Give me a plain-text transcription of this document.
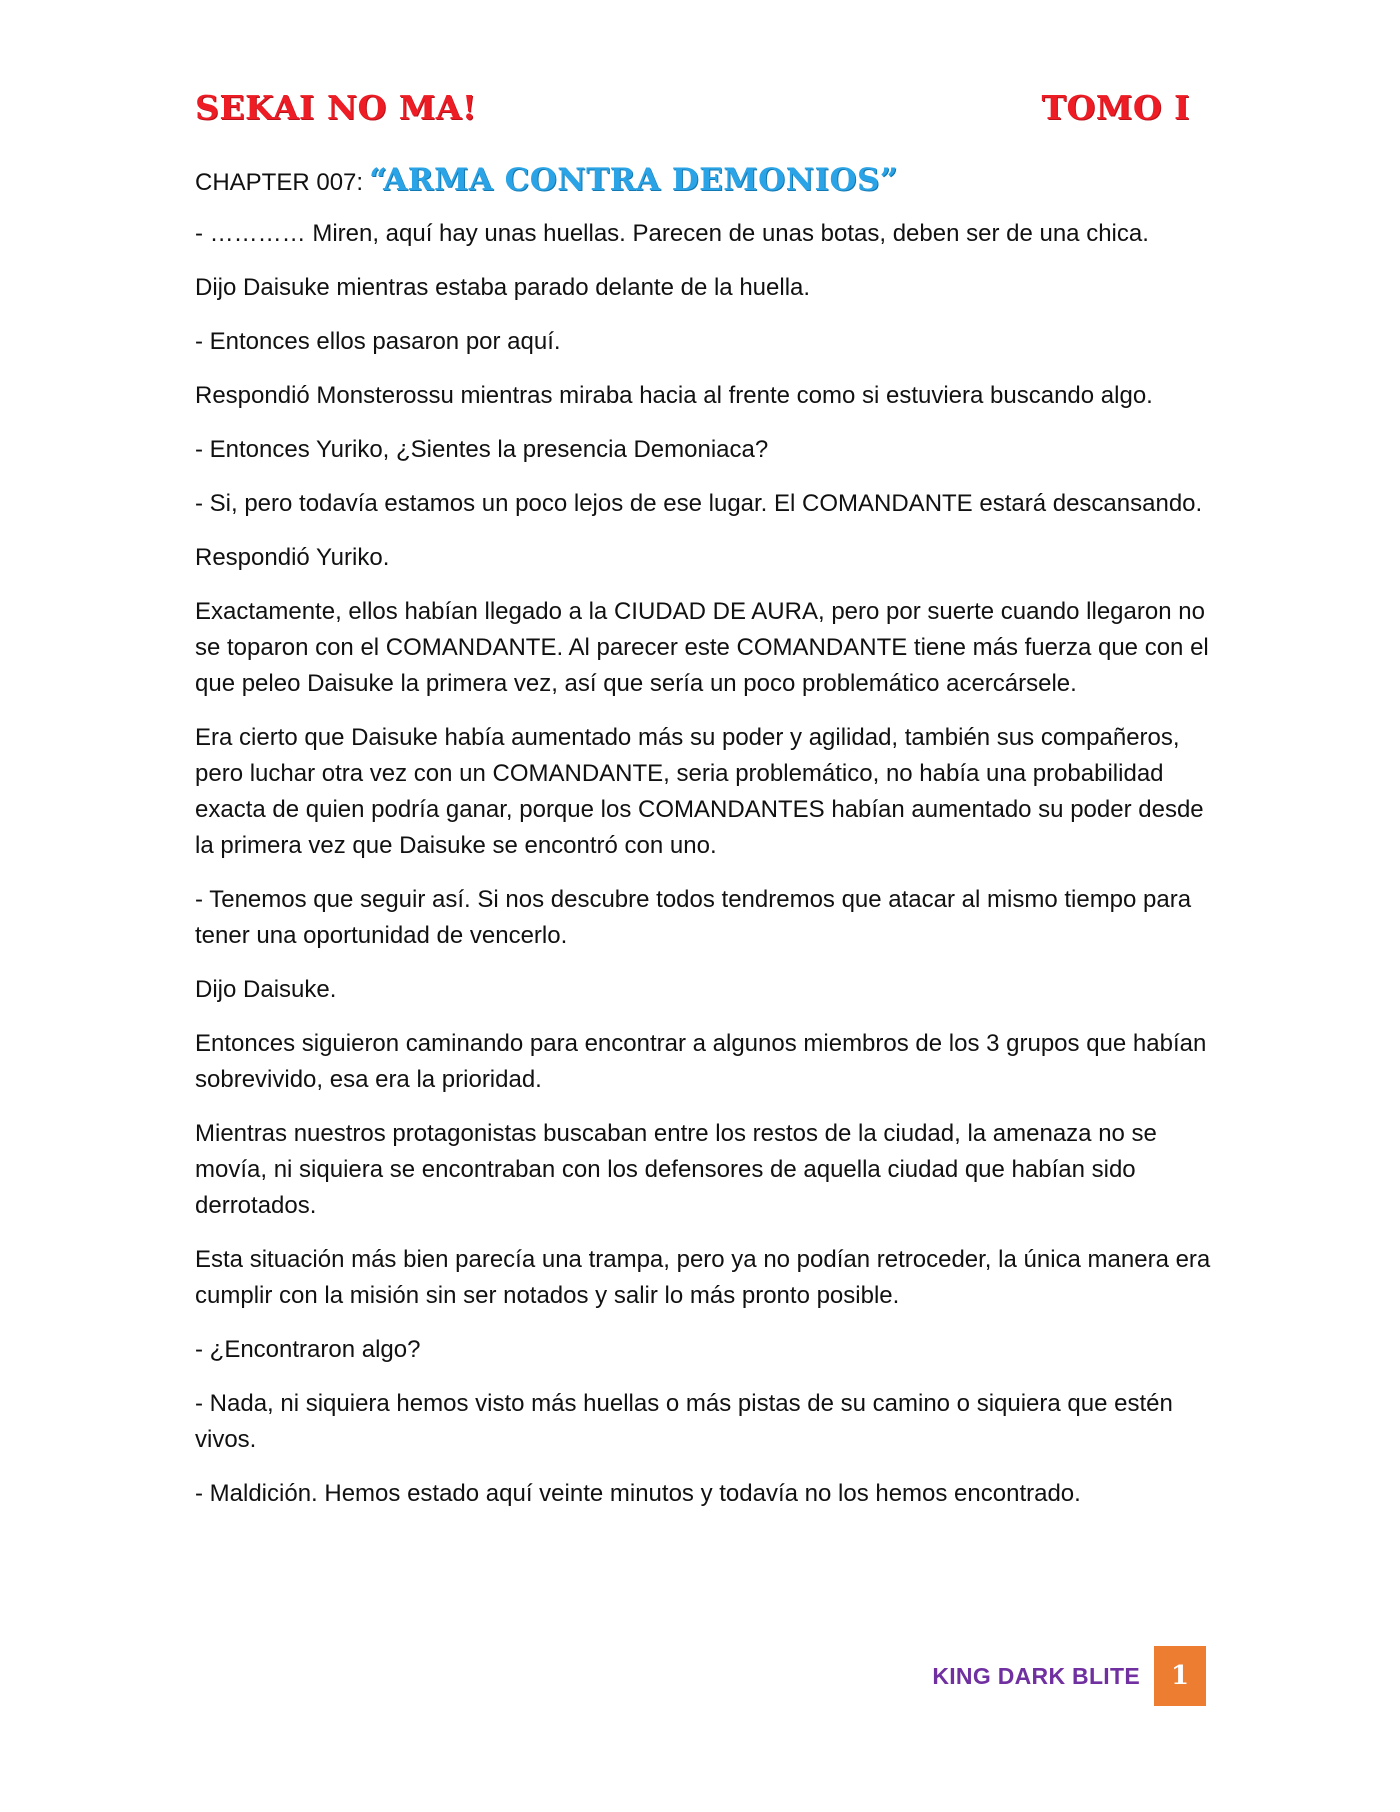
SEKAI NO MA!	TOMO I
CHAPTER 007: “ARMA CONTRA DEMONIOS”

- ………… Miren, aquí hay unas huellas. Parecen de unas botas, deben ser de una chica.

Dijo Daisuke mientras estaba parado delante de la huella.

- Entonces ellos pasaron por aquí.

Respondió Monsterossu mientras miraba hacia al frente como si estuviera buscando algo.

- Entonces Yuriko, ¿Sientes la presencia Demoniaca?

- Si, pero todavía estamos un poco lejos de ese lugar. El COMANDANTE estará descansando.

Respondió Yuriko.

Exactamente, ellos habían llegado a la CIUDAD DE AURA, pero por suerte cuando llegaron no se toparon con el COMANDANTE. Al parecer este COMANDANTE tiene más fuerza que con el que peleo Daisuke la primera vez, así que sería un poco problemático acercársele.

Era cierto que Daisuke había aumentado más su poder y agilidad, también sus compañeros, pero luchar otra vez con un COMANDANTE, seria problemático, no había una probabilidad exacta de quien podría ganar, porque los COMANDANTES habían aumentado su poder desde la primera vez que Daisuke se encontró con uno.

- Tenemos que seguir así. Si nos descubre todos tendremos que atacar al mismo tiempo para tener una oportunidad de vencerlo.

Dijo Daisuke.

Entonces siguieron caminando para encontrar a algunos miembros de los 3 grupos que habían sobrevivido, esa era la prioridad.

Mientras nuestros protagonistas buscaban entre los restos de la ciudad, la amenaza no se movía, ni siquiera se encontraban con los defensores de aquella ciudad que habían sido derrotados.

Esta situación más bien parecía una trampa, pero ya no podían retroceder, la única manera era cumplir con la misión sin ser notados y salir lo más pronto posible.

- ¿Encontraron algo?

- Nada, ni siquiera hemos visto más huellas o más pistas de su camino o siquiera que estén vivos.

- Maldición. Hemos estado aquí veinte minutos y todavía no los hemos encontrado.

KING DARK BLITE 1
